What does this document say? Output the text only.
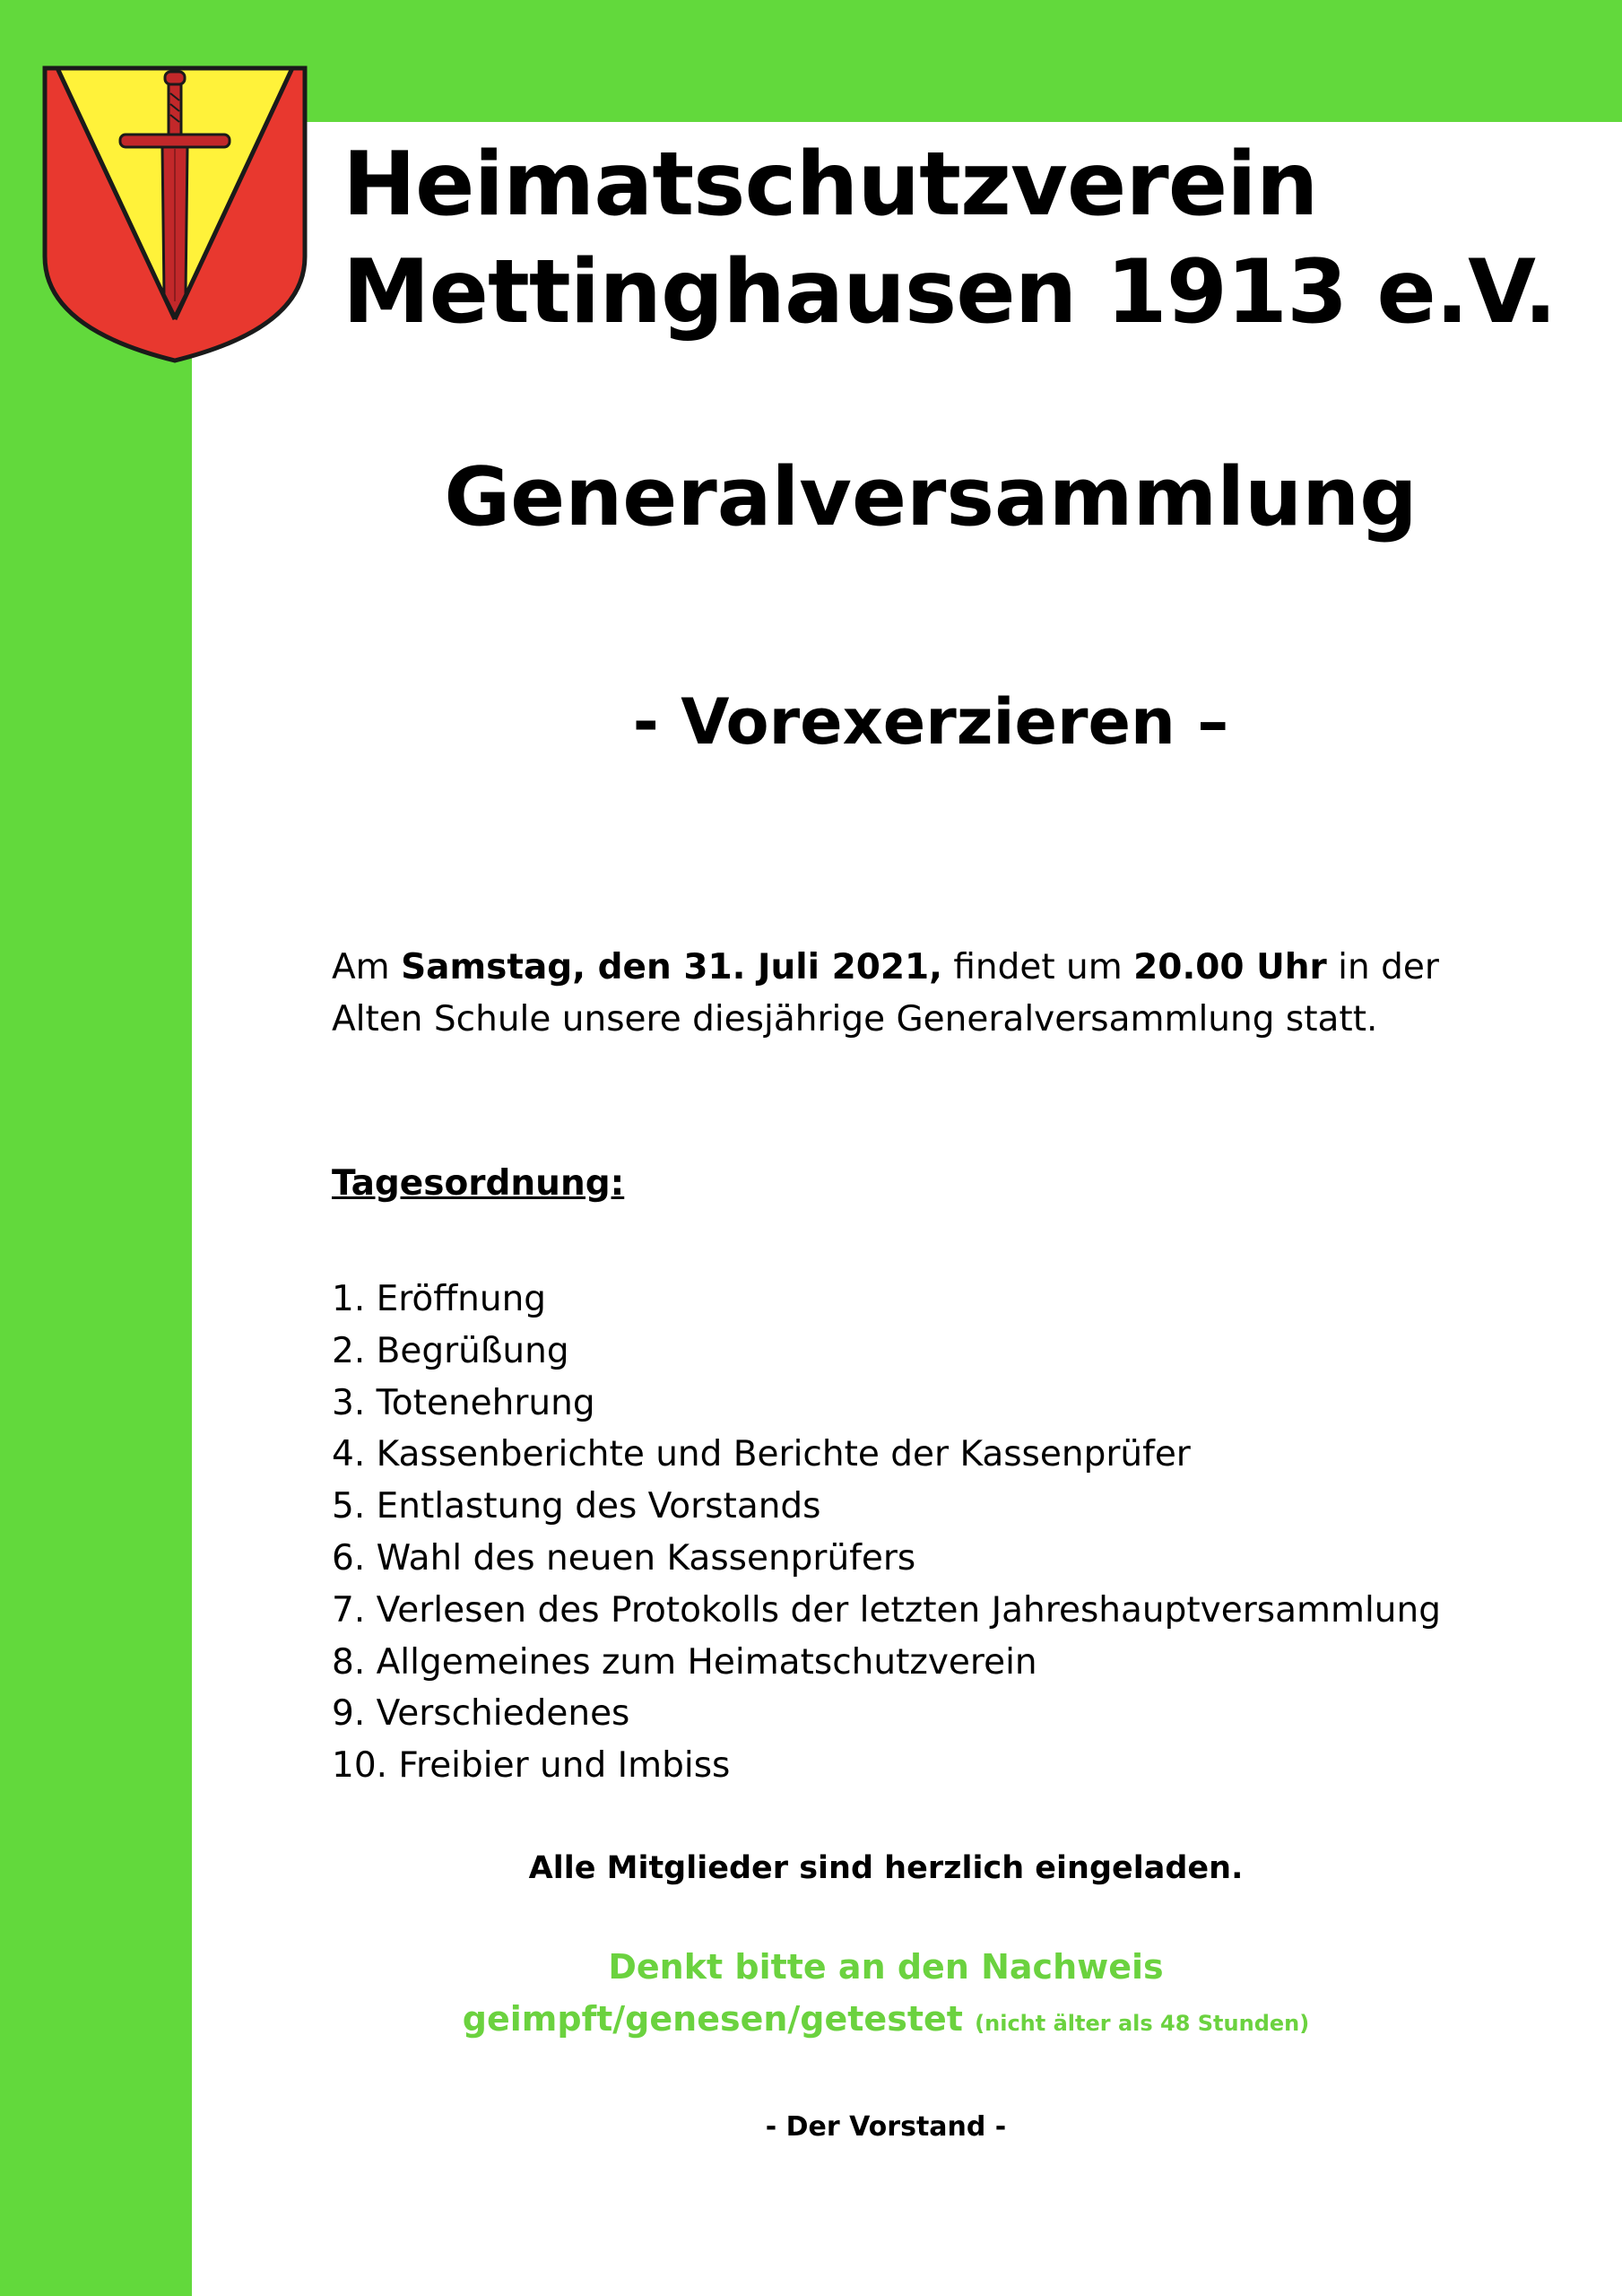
Heimatschutzverein
Mettinghausen 1913 e.V.
Generalversammlung
- Vorexerzieren –
Am Samstag, den 31. Juli 2021, findet um 20.00 Uhr in der
Alten Schule unsere diesjährige Generalversammlung statt.
Tagesordnung:
1. Eröffnung
2. Begrüßung
3. Totenehrung
4. Kassenberichte und Berichte der Kassenprüfer
5. Entlastung des Vorstands
6. Wahl des neuen Kassenprüfers
7. Verlesen des Protokolls der letzten Jahreshauptversammlung
8. Allgemeines zum Heimatschutzverein
9. Verschiedenes
10. Freibier und Imbiss
Alle Mitglieder sind herzlich eingeladen.
Denkt bitte an den Nachweis
geimpft/genesen/getestet (nicht älter als 48 Stunden)
- Der Vorstand -
